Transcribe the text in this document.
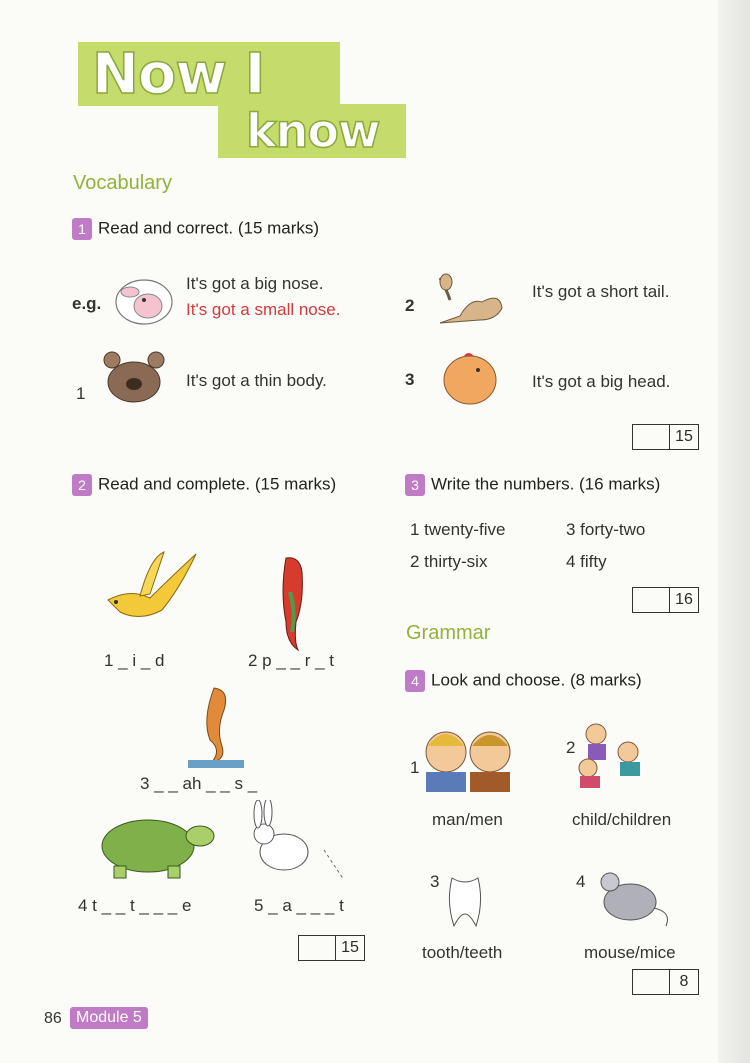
Now I
know
Vocabulary
1 Read and correct. (15 marks)
e.g.
It's got a big nose.
It's got a small nose.
1
It's got a thin body.
2
It's got a short tail.
3	It's got a big head.
15
2 Read and complete. (15 marks)
1 _ i _ d	2 p _ _ r _ t
3 _ _ ah _ _ s _
4 t _ _ t _ _ _ e	5 _ a _ _ _ t
15
3 Write the numbers. (16 marks)
1 twenty-five
2 thirty-six
3 forty-two
4 fifty
16
Grammar
4 Look and choose. (8 marks)
1
2
man/men	child/children
3	4
tooth/teeth	mouse/mice
8
86 Module 5
